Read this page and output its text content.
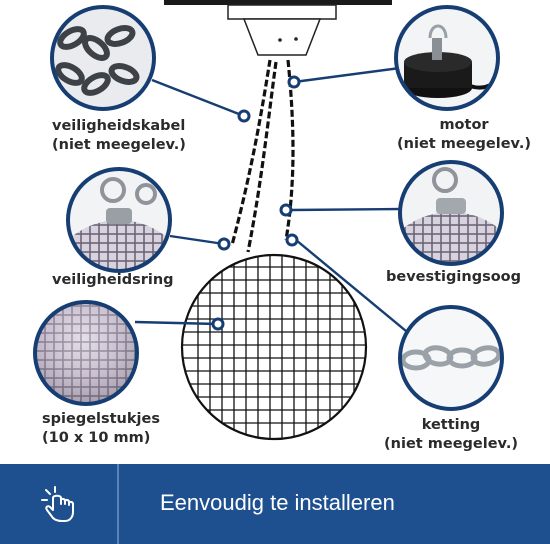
veiligheidskabel
(niet meegelev.)
motor
(niet meegelev.)
veiligheidsring	bevestigingsoog
spiegelstukjes
(10 x 10 mm)
ketting
(niet meegelev.)
Eenvoudig te installeren
